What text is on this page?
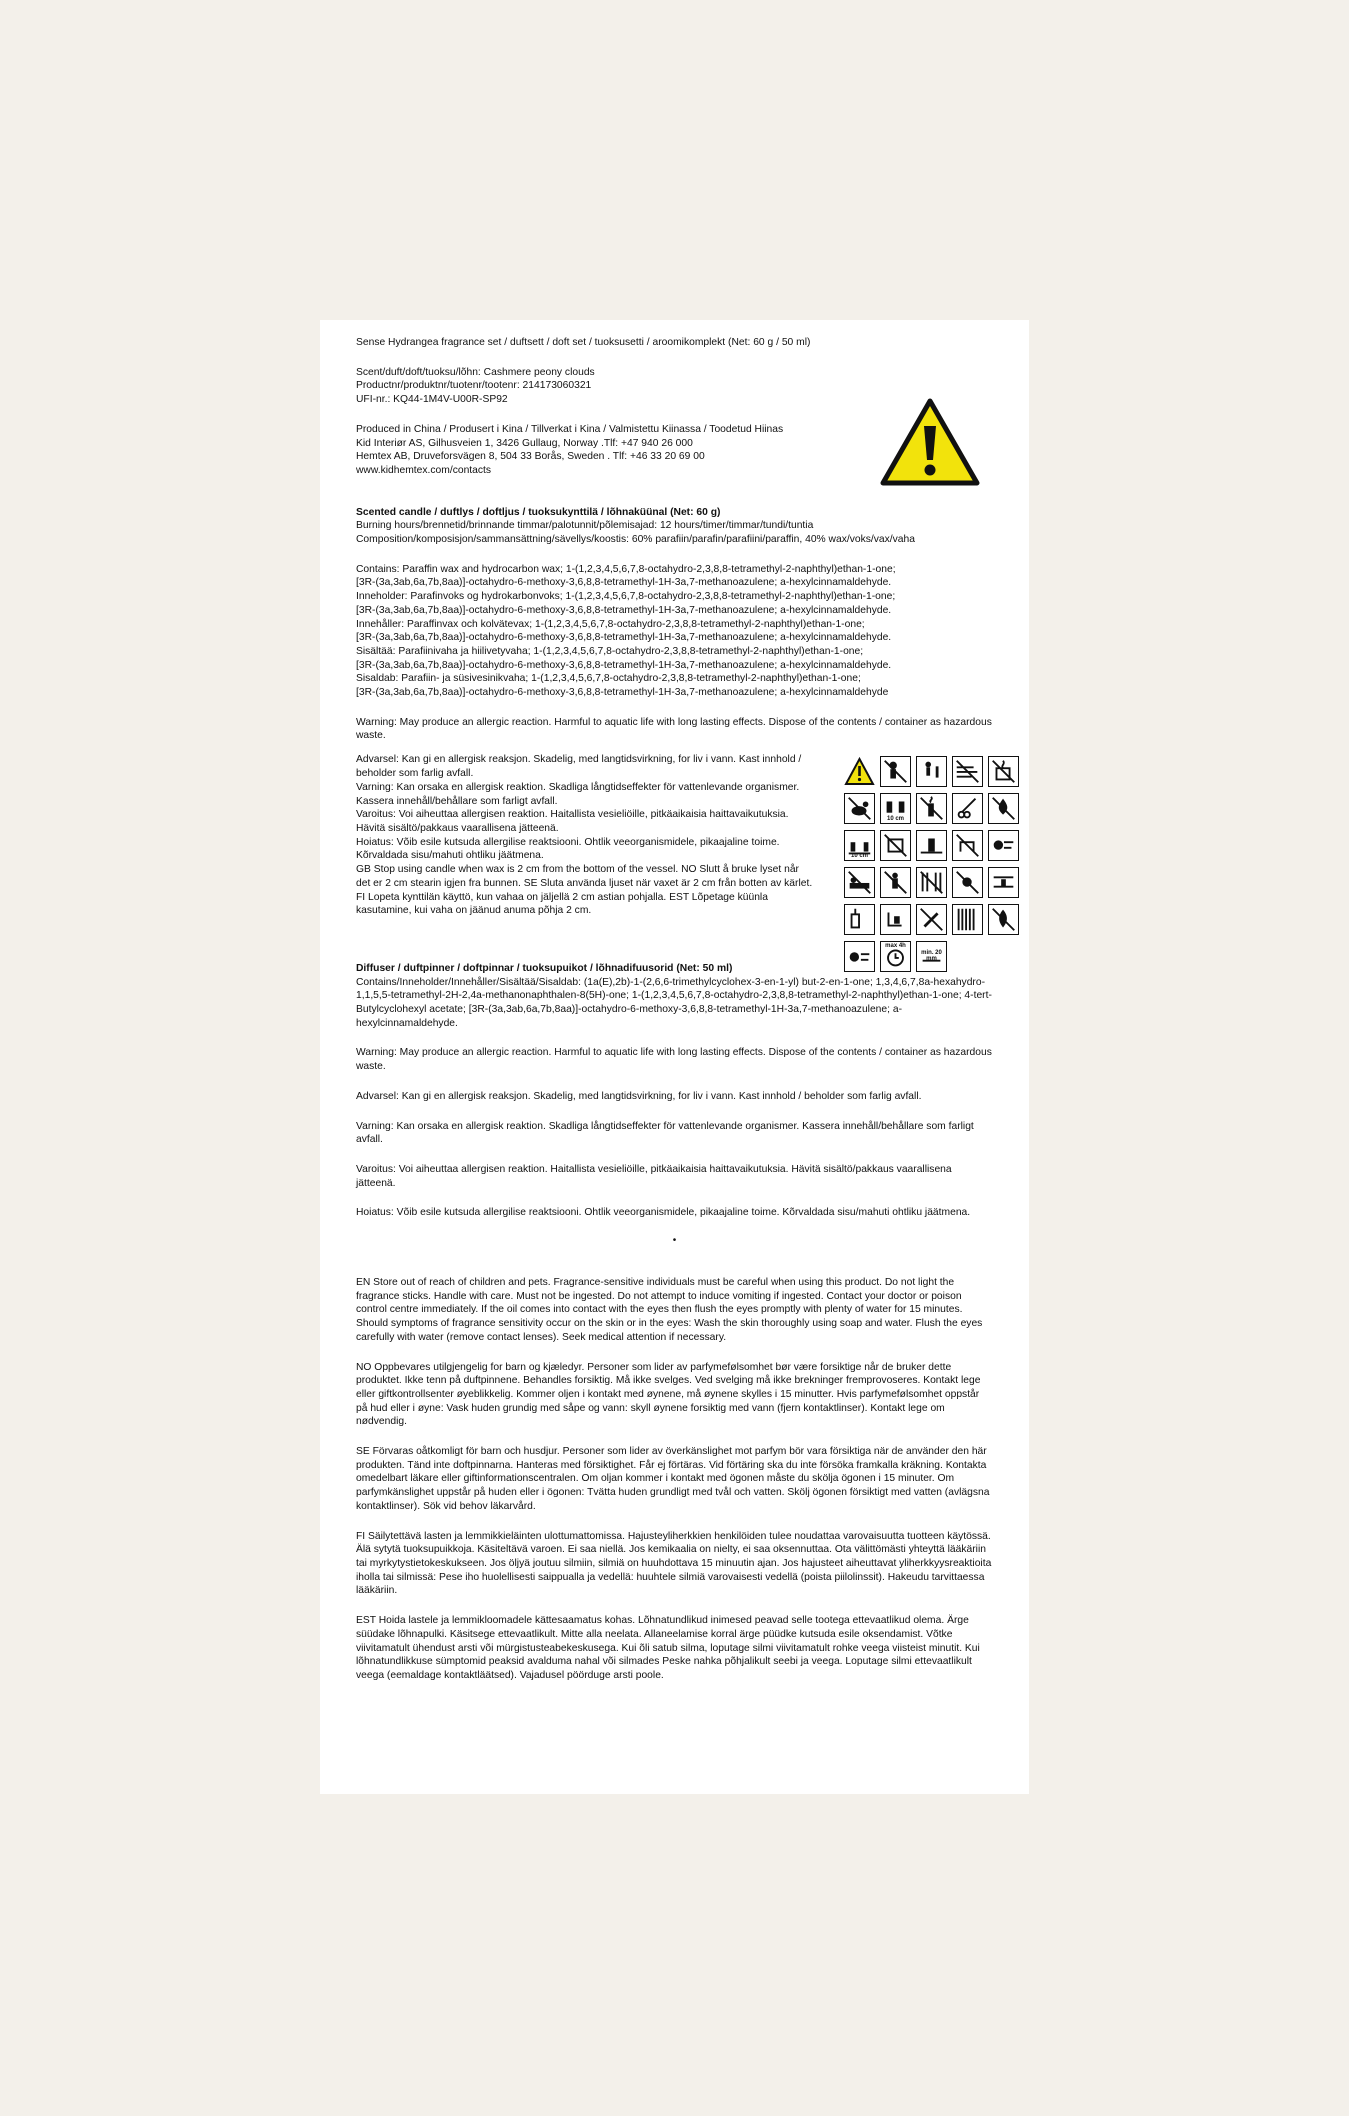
Sense Hydrangea fragrance set / duftsett / doft set / tuoksusetti / aroomikomplekt (Net: 60 g / 50 ml)

Scent/duft/doft/tuoksu/lõhn: Cashmere peony clouds

Productnr/produktnr/tuotenr/tootenr: 214173060321

UFI-nr.: KQ44-1M4V-U00R-SP92

Produced in China / Produsert i Kina / Tillverkat i Kina / Valmistettu Kiinassa / Toodetud Hiinas

Kid Interiør AS, Gilhusveien 1, 3426 Gullaug, Norway .Tlf: +47 940 26 000

Hemtex AB, Druveforsvägen 8, 504 33 Borås, Sweden . Tlf: +46 33 20 69 00

www.kidhemtex.com/contacts

Scented candle / duftlys / doftljus / tuoksukynttilä / lõhnaküünal (Net: 60 g)

Burning hours/brennetid/brinnande timmar/palotunnit/põlemisajad: 12 hours/timer/timmar/tundi/tuntia

Composition/komposisjon/sammansättning/sävellys/koostis: 60% parafiin/parafin/parafiini/paraffin, 40% wax/voks/vax/vaha

Contains: Paraffin wax and hydrocarbon wax; 1-(1,2,3,4,5,6,7,8-octahydro-2,3,8,8-tetramethyl-2-naphthyl)ethan-1-one;

[3R-(3a,3ab,6a,7b,8aa)]-octahydro-6-methoxy-3,6,8,8-tetramethyl-1H-3a,7-methanoazulene; a-hexylcinnamaldehyde.

Inneholder: Parafinvoks og hydrokarbonvoks; 1-(1,2,3,4,5,6,7,8-octahydro-2,3,8,8-tetramethyl-2-naphthyl)ethan-1-one;

[3R-(3a,3ab,6a,7b,8aa)]-octahydro-6-methoxy-3,6,8,8-tetramethyl-1H-3a,7-methanoazulene; a-hexylcinnamaldehyde.

Innehåller: Paraffinvax och kolvätevax; 1-(1,2,3,4,5,6,7,8-octahydro-2,3,8,8-tetramethyl-2-naphthyl)ethan-1-one;

[3R-(3a,3ab,6a,7b,8aa)]-octahydro-6-methoxy-3,6,8,8-tetramethyl-1H-3a,7-methanoazulene; a-hexylcinnamaldehyde.

Sisältää: Parafiinivaha ja hiilivetyvaha; 1-(1,2,3,4,5,6,7,8-octahydro-2,3,8,8-tetramethyl-2-naphthyl)ethan-1-one;

[3R-(3a,3ab,6a,7b,8aa)]-octahydro-6-methoxy-3,6,8,8-tetramethyl-1H-3a,7-methanoazulene; a-hexylcinnamaldehyde.

Sisaldab: Parafiin- ja süsivesinikvaha; 1-(1,2,3,4,5,6,7,8-octahydro-2,3,8,8-tetramethyl-2-naphthyl)ethan-1-one;

[3R-(3a,3ab,6a,7b,8aa)]-octahydro-6-methoxy-3,6,8,8-tetramethyl-1H-3a,7-methanoazulene; a-hexylcinnamaldehyde

Warning: May produce an allergic reaction. Harmful to aquatic life with long lasting effects. Dispose of the contents / container as hazardous waste.

Advarsel: Kan gi en allergisk reaksjon. Skadelig, med langtidsvirkning, for liv i vann. Kast innhold / beholder som farlig avfall.

Varning: Kan orsaka en allergisk reaktion. Skadliga långtidseffekter för vattenlevande organismer. Kassera innehåll/behållare som farligt avfall.

Varoitus: Voi aiheuttaa allergisen reaktion. Haitallista vesieliöille, pitkäaikaisia haittavaikutuksia. Hävitä sisältö/pakkaus vaarallisena jätteenä.

Hoiatus: Võib esile kutsuda allergilise reaktsiooni. Ohtlik veeorganismidele, pikaajaline toime. Kõrvaldada sisu/mahuti ohtliku jäätmena.

GB Stop using candle when wax is 2 cm from the bottom of the vessel. NO Slutt å bruke lyset når det er 2 cm stearin igjen fra bunnen. SE Sluta använda ljuset när vaxet är 2 cm från botten av kärlet. FI Lopeta kynttilän käyttö, kun vahaa on jäljellä 2 cm astian pohjalla. EST Lõpetage küünla kasutamine, kui vaha on jäänud anuma põhja 2 cm.

10 cm
10 cm
max 4h
min. 20 mm

Diffuser / duftpinner / doftpinnar / tuoksupuikot / lõhnadifuusorid (Net: 50 ml)

Contains/Inneholder/Innehåller/Sisältää/Sisaldab: (1a(E),2b)-1-(2,6,6-trimethylcyclohex-3-en-1-yl) but-2-en-1-one; 1,3,4,6,7,8a-hexahydro-1,1,5,5-tetramethyl-2H-2,4a-methanonaphthalen-8(5H)-one; 1-(1,2,3,4,5,6,7,8-octahydro-2,3,8,8-tetramethyl-2-naphthyl)ethan-1-one; 4-tert-Butylcyclohexyl acetate; [3R-(3a,3ab,6a,7b,8aa)]-octahydro-6-methoxy-3,6,8,8-tetramethyl-1H-3a,7-methanoazulene; a-hexylcinnamaldehyde.

Warning: May produce an allergic reaction. Harmful to aquatic life with long lasting effects. Dispose of the contents / container as hazardous waste.

Advarsel: Kan gi en allergisk reaksjon. Skadelig, med langtidsvirkning, for liv i vann. Kast innhold / beholder som farlig avfall.

Varning: Kan orsaka en allergisk reaktion. Skadliga långtidseffekter för vattenlevande organismer. Kassera innehåll/behållare som farligt avfall.

Varoitus: Voi aiheuttaa allergisen reaktion. Haitallista vesieliöille, pitkäaikaisia haittavaikutuksia. Hävitä sisältö/pakkaus vaarallisena jätteenä.

Hoiatus: Võib esile kutsuda allergilise reaktsiooni. Ohtlik veeorganismidele, pikaajaline toime. Kõrvaldada sisu/mahuti ohtliku jäätmena.

•

EN Store out of reach of children and pets. Fragrance-sensitive individuals must be careful when using this product. Do not light the fragrance sticks. Handle with care. Must not be ingested. Do not attempt to induce vomiting if ingested. Contact your doctor or poison control centre immediately. If the oil comes into contact with the eyes then flush the eyes promptly with plenty of water for 15 minutes. Should symptoms of fragrance sensitivity occur on the skin or in the eyes: Wash the skin thoroughly using soap and water. Flush the eyes carefully with water (remove contact lenses). Seek medical attention if necessary.

NO Oppbevares utilgjengelig for barn og kjæledyr. Personer som lider av parfymefølsomhet bør være forsiktige når de bruker dette produktet. Ikke tenn på duftpinnene. Behandles forsiktig. Må ikke svelges. Ved svelging må ikke brekninger fremprovoseres. Kontakt lege eller giftkontrollsenter øyeblikkelig. Kommer oljen i kontakt med øynene, må øynene skylles i 15 minutter. Hvis parfymefølsomhet oppstår på hud eller i øyne: Vask huden grundig med såpe og vann: skyll øynene forsiktig med vann (fjern kontaktlinser). Kontakt lege om nødvendig.

SE Förvaras oåtkomligt för barn och husdjur. Personer som lider av överkänslighet mot parfym bör vara försiktiga när de använder den här produkten. Tänd inte doftpinnarna. Hanteras med försiktighet. Får ej förtäras. Vid förtäring ska du inte försöka framkalla kräkning. Kontakta omedelbart läkare eller giftinformationscentralen. Om oljan kommer i kontakt med ögonen måste du skölja ögonen i 15 minuter. Om parfymkänslighet uppstår på huden eller i ögonen: Tvätta huden grundligt med tvål och vatten. Skölj ögonen försiktigt med vatten (avlägsna kontaktlinser). Sök vid behov läkarvård.

FI Säilytettävä lasten ja lemmikkieläinten ulottumattomissa. Hajusteyliherkkien henkilöiden tulee noudattaa varovaisuutta tuotteen käytössä. Älä sytytä tuoksupuikkoja. Käsiteltävä varoen. Ei saa niellä. Jos kemikaalia on nielty, ei saa oksennuttaa. Ota välittömästi yhteyttä lääkäriin tai myrkytystietokeskukseen. Jos öljyä joutuu silmiin, silmiä on huuhdottava 15 minuutin ajan. Jos hajusteet aiheuttavat yliherkkyysreaktioita iholla tai silmissä: Pese iho huolellisesti saippualla ja vedellä: huuhtele silmiä varovaisesti vedellä (poista piilolinssit). Hakeudu tarvittaessa lääkäriin.

EST Hoida lastele ja lemmikloomadele kättesaamatus kohas. Lõhnatundlikud inimesed peavad selle tootega ettevaatlikud olema. Ärge süüdake lõhnapulki. Käsitsege ettevaatlikult. Mitte alla neelata. Allaneelamise korral ärge püüdke kutsuda esile oksendamist. Võtke viivitamatult ühendust arsti või mürgistusteabekeskusega. Kui õli satub silma, loputage silmi viivitamatult rohke veega viisteist minutit. Kui lõhnatundlikkuse sümptomid peaksid avalduma nahal või silmades Peske nahka põhjalikult seebi ja veega. Loputage silmi ettevaatlikult veega (eemaldage kontaktläätsed). Vajadusel pöörduge arsti poole.
